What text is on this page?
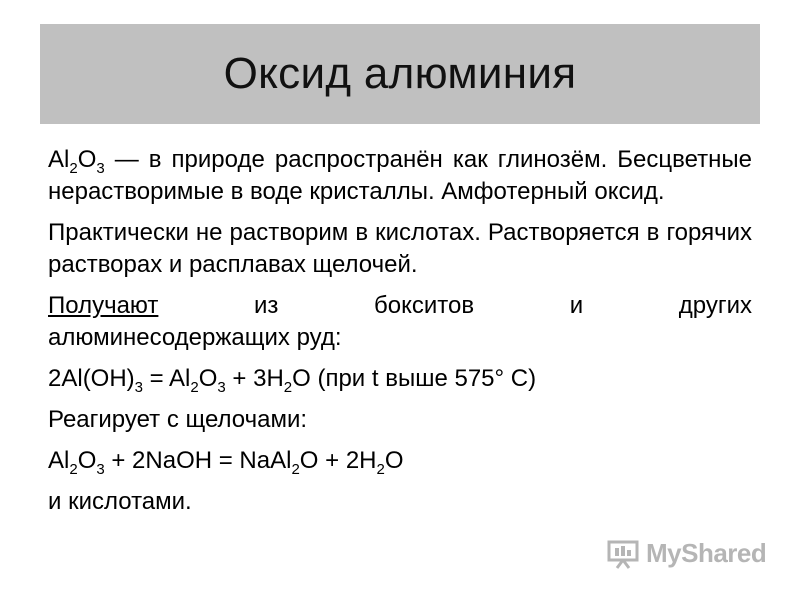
Оксид алюминия

$Al_2O_3$ — в природе распространён как глинозём. Бесцветные нерастворимые в воде кристаллы. Амфотерный оксид.

Практически не растворим в кислотах. Растворяется в горячих растворах и расплавах щелочей.

Получают	из	бокситов	и	других
алюминесодержащих руд:
$2Al(OH)_3 = Al_2O_3 + 3H_2O$ (при t выше 575° C)
Реагирует с щелочами:
$Al_2O_3$ + 2NaOH = NaAl$_2$O + $2H_2O$
и кислотами.
MyShared
